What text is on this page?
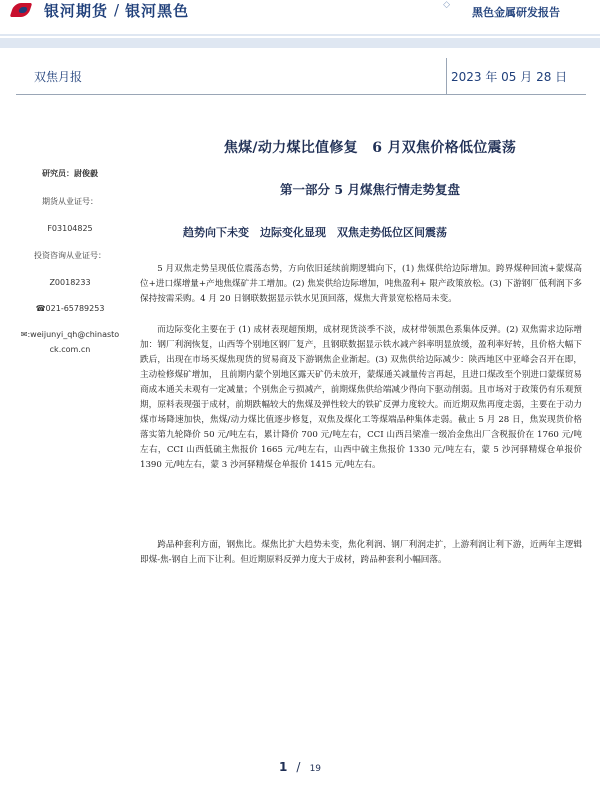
银河期货 / 银河黑色	◇
黑色金属研发报告
双焦月报	2023 年 05 月 28 日
焦煤/动力煤比值修复　6 月双焦价格低位震荡
第一部分 5 月煤焦行情走势复盘
研究员：尉俊毅
期货从业证号：
F03104825
投资咨询从业证号：
Z0018233
☎021-65789253
✉:weijunyi_qh@chinasto
ck.com.cn
趋势向下未变　边际变化显现　双焦走势低位区间震荡

5 月双焦走势呈现低位震荡态势，方向依旧延续前期逻辑向下，(1) 焦煤供给边际增加。跨界煤种回流+蒙煤高位+进口煤增量+产地焦煤矿井工增加。(2) 焦炭供给边际增加，吨焦盈利+ 限产政策放松。(3) 下游钢厂低利润下多保持按需采购。4 月 20 日钢联数据显示铁水见顶回落，煤焦大背景宽松格局未变。

而边际变化主要在于 (1) 成材表现超预期，成材现货淡季不淡，成材带领黑色系集体反弹。(2) 双焦需求边际增加：钢厂利润恢复，山西等个别地区钢厂复产，且钢联数据显示铁水减产斜率明显放缓，盈利率好转，且价格大幅下跌后，出现在市场买煤焦现货的贸易商及下游钢焦企业渐起。(3) 双焦供给边际减少：陕西地区中亚峰会召开在即，主动检修煤矿增加， 且前期内蒙个别地区露天矿仍未放开，蒙煤通关减量传言再起，且进口煤改至个别进口蒙煤贸易商成本通关未观有一定减量；个别焦企亏损减产，前期煤焦供给端减少得向下驱动削弱。且市场对于政策仍有乐观预期，原料表现强于成材，前期跌幅较大的焦煤及弹性较大的铁矿反弹力度较大。而近期双焦再度走弱，主要在于动力煤市场降速加快，焦煤/动力煤比值逐步修复，双焦及煤化工等煤端品种集体走弱。截止 5 月 28 日，焦炭现货价格落实第九轮降价 50 元/吨左右，累计降价 700 元/吨左右，CCI 山西吕梁准一级冶金焦出厂含税报价在 1760 元/吨左右，CCI 山西低硫主焦报价 1665 元/吨左右，山西中硫主焦报价 1330 元/吨左右，蒙 5 沙河驿精煤仓单报价 1390 元/吨左右，蒙 3 沙河驿精煤仓单报价 1415 元/吨左右。

跨品种套利方面，钢焦比。煤焦比扩大趋势未变，焦化利润、钢厂利润走扩，上游利润让利下游，近两年主逻辑即煤-焦-钢自上而下让利。但近期原料反弹力度大于成材，跨品种套利小幅回落。

1 / 19
